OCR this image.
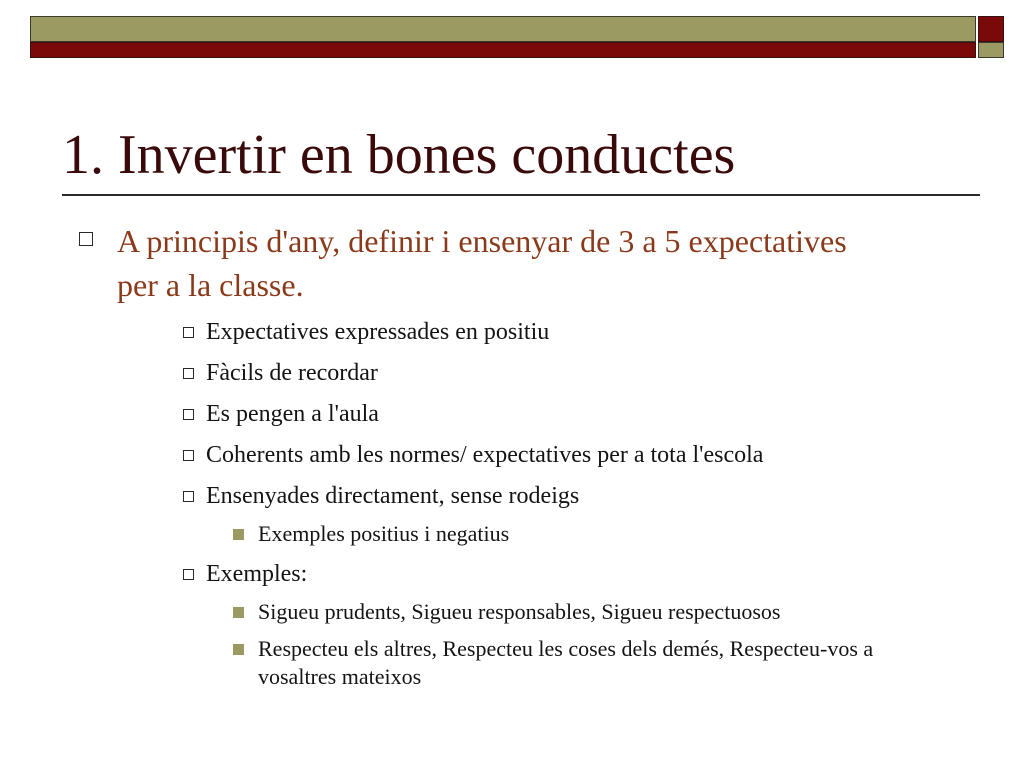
1. Invertir en bones conductes
A principis d'any, definir i ensenyar de 3 a 5 expectatives per a la classe.
Expectatives expressades en positiu
Fàcils de recordar
Es pengen a l'aula
Coherents amb les normes/ expectatives per a tota l'escola
Ensenyades directament, sense rodeigs
Exemples positius i negatius
Exemples:
Sigueu prudents, Sigueu responsables, Sigueu respectuosos
Respecteu els altres, Respecteu les coses dels demés, Respecteu-vos a vosaltres mateixos
